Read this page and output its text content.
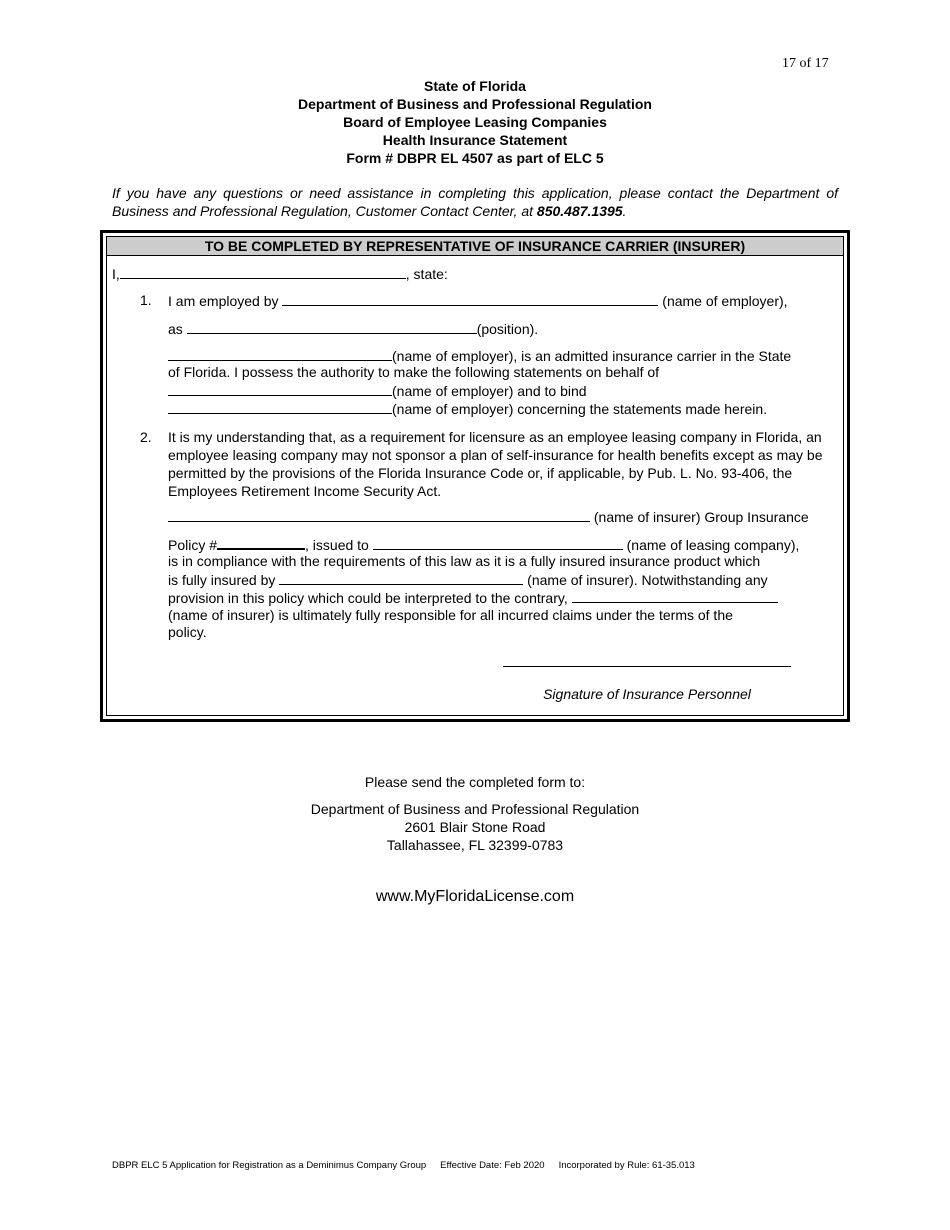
17 of 17
State of Florida
Department of Business and Professional Regulation
Board of Employee Leasing Companies
Health Insurance Statement
Form # DBPR EL 4507 as part of ELC 5
If you have any questions or need assistance in completing this application, please contact the Department of Business and Professional Regulation, Customer Contact Center, at 850.487.1395.
TO BE COMPLETED BY REPRESENTATIVE OF INSURANCE CARRIER (INSURER)
I,	, state:
1. I am employed by	(name of employer),
as	(position).
(name of employer), is an admitted insurance carrier in the State
of Florida. I possess the authority to make the following statements on behalf of
(name of employer) and to bind
(name of employer) concerning the statements made herein.
2. It is my understanding that, as a requirement for licensure as an employee leasing company in Florida, an employee leasing company may not sponsor a plan of self-insurance for health benefits except as may be permitted by the provisions of the Florida Insurance Code or, if applicable, by Pub. L. No. 93-406, the Employees Retirement Income Security Act.
(name of insurer) Group Insurance
Policy #	, issued to	(name of leasing company),
is in compliance with the requirements of this law as it is a fully insured insurance product which
is fully insured by	(name of insurer). Notwithstanding any
provision in this policy which could be interpreted to the contrary,
(name of insurer) is ultimately fully responsible for all incurred claims under the terms of the
policy.
Signature of Insurance Personnel
Please send the completed form to:
Department of Business and Professional Regulation
2601 Blair Stone Road
Tallahassee, FL 32399-0783
www.MyFloridaLicense.com
DBPR ELC 5 Application for Registration as a Deminimus Company Group Effective Date: Feb 2020 Incorporated by Rule: 61-35.013
